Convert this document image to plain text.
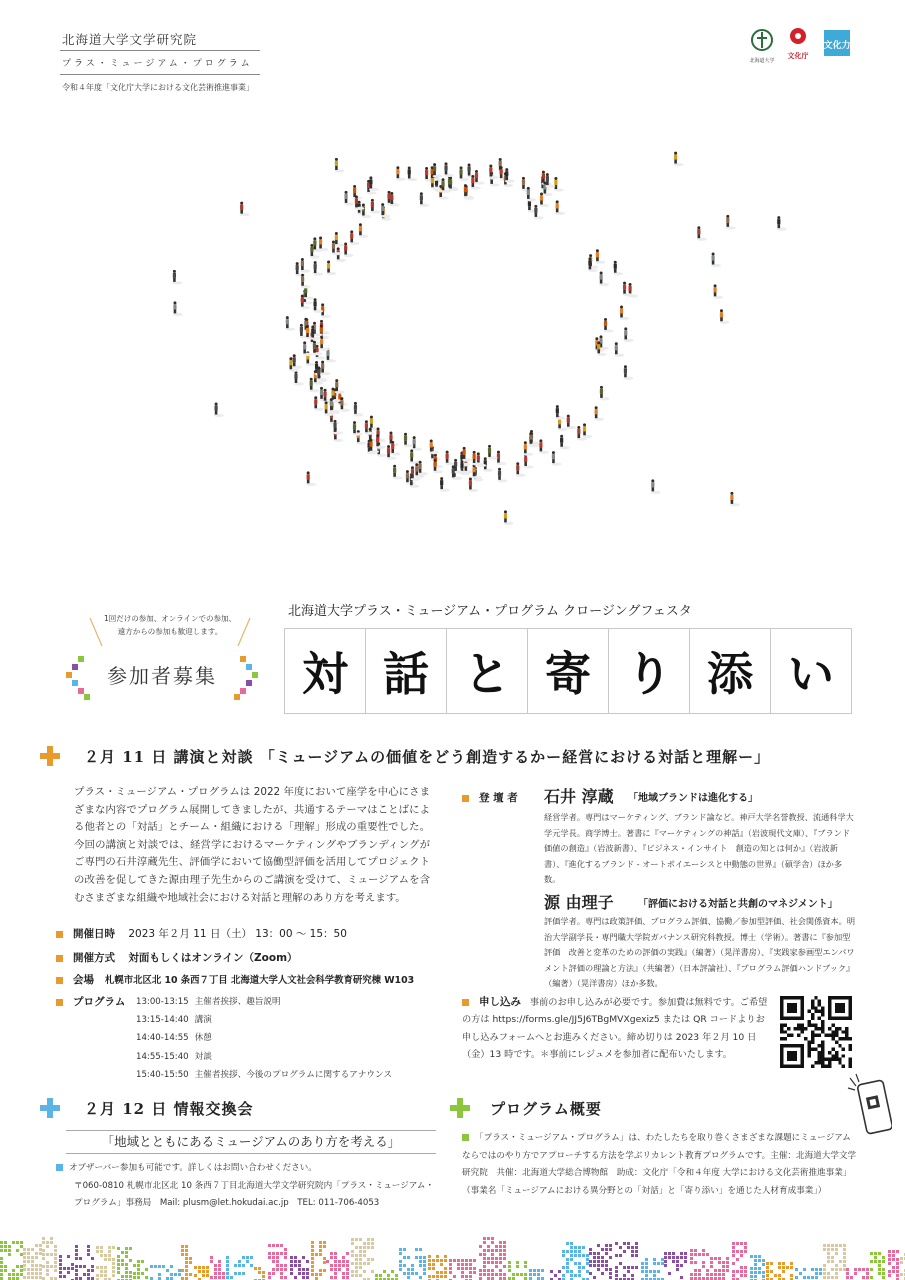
北海道大学文学研究院
プラス・ミュージアム・プログラム
令和４年度「文化庁大学における文化芸術推進事業」
北海道大学
文化庁
文化力
1回だけの参加、オンラインでの参加、
遠方からの参加も歓迎します。
参加者募集
北海道大学プラス・ミュージアム・プログラム クロージングフェスタ
対 話 と 寄 り 添 い
２月 11 日 講演と対談 「ミュージアムの価値をどう創造するかー経営における対話と理解ー」
プラス・ミュージアム・プログラムは 2022 年度において座学を中心にさまざまな内容でプログラム展開してきましたが、共通するテーマはことばによる他者との「対話」とチーム・組織における「理解」形成の重要性でした。今回の講演と対談では、経営学におけるマーケティングやブランディングがご専門の石井淳蔵先生、評価学において協働型評価を活用してプロジェクトの改善を促してきた源由理子先生からのご講演を受けて、ミュージアムを含むさまざまな組織や地域社会における対話と理解のあり方を考えます。
開催日時 2023 年２月 11 日（土） 13：00 〜 15：50
開催方式 対面もしくはオンライン（Zoom）
会場 札幌市北区北 10 条西７丁目 北海道大学人文社会科学教育研究棟 W103
プログラム 13:00-13:15	主催者挨拶、趣旨説明
13:15-14:40	講演
14:40-14:55	休憩
14:55-15:40	対談
15:40-15:50	主催者挨拶、今後のプログラムに関するアナウンス
登 壇 者 石井 淳蔵 「地域ブランドは進化する」
経営学者。専門はマーケティング、ブランド論など。神戸大学名誉教授、流通科学大学元学長。商学博士。著書に『マーケティングの神話』（岩波現代文庫）、『ブランド　価値の創造』（岩波新書）、『ビジネス・インサイト　創造の知とは何か』（岩波新書）、『進化するブランド - オートポイエーシスと中動態の世界』（碩学舎）ほか多数。
源 由理子 「評価における対話と共創のマネジメント」
評価学者。専門は政策評価、プログラム評価、協働／参加型評価、社会関係資本。明治大学副学長・専門職大学院ガバナンス研究科教授。博士（学術）。著書に『参加型評価　改善と変革のための評価の実践』（編著）（晃洋書房）、『実践家参画型エンパワメント評価の理論と方法』（共編著）（日本評論社）、『プログラム評価ハンドブック』（編著）（晃洋書房）ほか多数。
申し込み 事前のお申し込みが必要です。参加費は無料です。ご希望の方は https://forms.gle/JJ5J6TBgMVXgexiz5 または QR コードよりお申し込みフォームへとお進みください。締め切りは 2023 年２月 10 日（金）13 時です。＊事前にレジュメを参加者に配布いたします。
２月 12 日 情報交換会
「地域とともにあるミュージアムのあり方を考える」
オブザーバー参加も可能です。詳しくはお問い合わせください。
〒060-0810 札幌市北区北 10 条西７丁目北海道大学文学研究院内「プラス・ミュージアム・プログラム」事務局　Mail: plusm@let.hokudai.ac.jp　TEL: 011-706-4053
プログラム概要
「プラス・ミュージアム・プログラム」は、わたしたちを取り巻くさまざまな課題にミュージアムならではのやり方でアプローチする方法を学ぶリカレント教育プログラムです。主催：北海道大学文学研究院　共催：北海道大学総合博物館　助成：文化庁「令和４年度 大学における文化芸術推進事業」（事業名「ミュージアムにおける異分野との「対話」と「寄り添い」を通じた人材育成事業」）
